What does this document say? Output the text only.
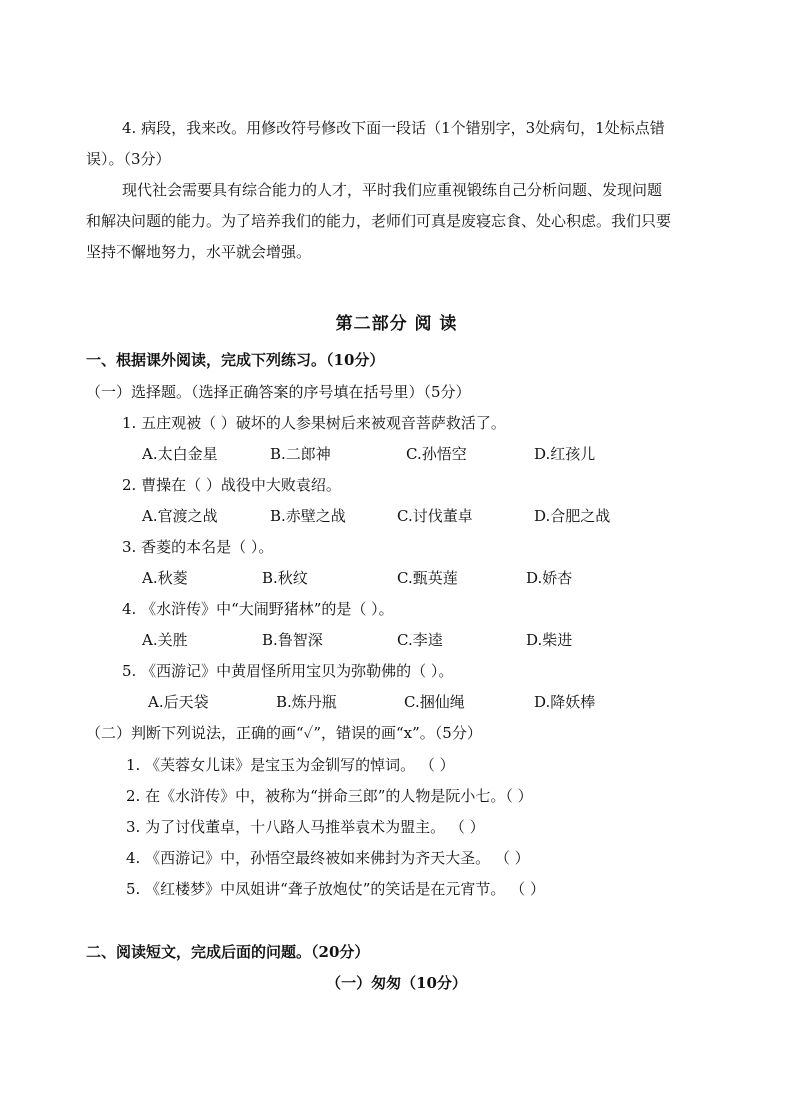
4. 病段，我来改。用修改符号修改下面一段话（1个错别字，3处病句，1处标点错
误）。（3分）
现代社会需要具有综合能力的人才，平时我们应重视锻练自己分析问题、发现问题
和解决问题的能力。为了培养我们的能力，老师们可真是废寝忘食、处心积虑。我们只要
坚持不懈地努力，水平就会增强。
第二部分 阅 读
一、根据课外阅读，完成下列练习。（10分）
（一）选择题。（选择正确答案的序号填在括号里）（5分）
1. 五庄观被（ ）破坏的人参果树后来被观音菩萨救活了。
A.太白金星	B.二郎神	C.孙悟空	D.红孩儿
2. 曹操在（ ）战役中大败袁绍。
A.官渡之战	B.赤壁之战	C.讨伐董卓	D.合肥之战
3. 香菱的本名是（ ）。
A.秋菱	B.秋纹	C.甄英莲	D.娇杏
4. 《水浒传》中“大闹野猪林”的是（ ）。
A.关胜	B.鲁智深	C.李逵	D.柴进
5. 《西游记》中黄眉怪所用宝贝为弥勒佛的（ ）。
A.后天袋	B.炼丹瓶	C.捆仙绳	D.降妖棒
（二）判断下列说法，正确的画“✓”，错误的画“x”。（5分）
1. 《芙蓉女儿诔》是宝玉为金钏写的悼词。 （ ）
2. 在《水浒传》中，被称为“拼命三郎”的人物是阮小七。（ ）
3. 为了讨伐董卓，十八路人马推举袁术为盟主。 （ ）
4. 《西游记》中，孙悟空最终被如来佛封为齐天大圣。 （ ）
5. 《红楼梦》中凤姐讲“聋子放炮仗”的笑话是在元宵节。 （ ）
二、阅读短文，完成后面的问题。（20分）
（一）匆匆（10分）
